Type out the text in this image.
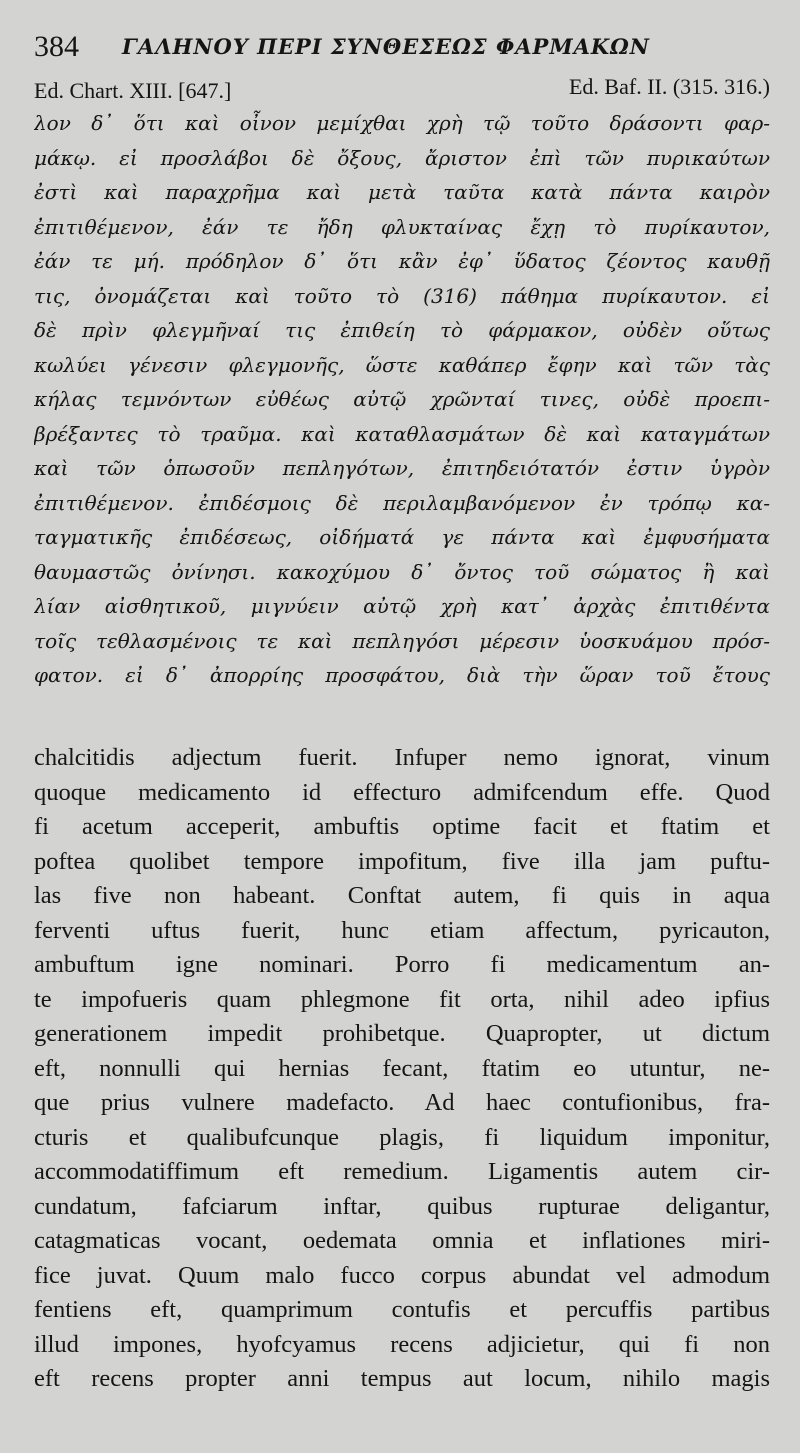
384 ΓΑΛΗΝΟΥ ΠΕΡΙ ΣΥΝΘΕΣΕΩΣ ΦΑΡΜΑΚΩΝ
Ed. Chart. XIII. [647.]	Ed. Baf. II. (315. 316.)
λον δ᾽ ὅτι καὶ οἶνον μεμίχθαι χρὴ τῷ τοῦτο δράσοντι φαρ-
μάκῳ. εἰ προσλάβοι δὲ ὄξους, ἄριστον ἐπὶ τῶν πυρικαύτων
ἐστὶ καὶ παραχρῆμα καὶ μετὰ ταῦτα κατὰ πάντα καιρὸν
ἐπιτιθέμενον, ἐάν τε ἤδη φλυκταίνας ἔχῃ τὸ πυρίκαυτον,
ἐάν τε μή. πρόδηλον δ᾽ ὅτι κἂν ἐφ᾽ ὕδατος ζέοντος καυθῇ
τις, ὀνομάζεται καὶ τοῦτο τὸ (316) πάθημα πυρίκαυτον. εἰ
δὲ πρὶν φλεγμῆναί τις ἐπιθείη τὸ φάρμακον, οὐδὲν οὕτως
κωλύει γένεσιν φλεγμονῆς, ὥστε καθάπερ ἔφην καὶ τῶν τὰς
κήλας τεμνόντων εὐθέως αὐτῷ χρῶνταί τινες, οὐδὲ προεπι-
βρέξαντες τὸ τραῦμα. καὶ καταθλασμάτων δὲ καὶ καταγμάτων
καὶ τῶν ὁπωσοῦν πεπληγότων, ἐπιτηδειότατόν ἐστιν ὑγρὸν
ἐπιτιθέμενον. ἐπιδέσμοις δὲ περιλαμβανόμενον ἐν τρόπῳ κα-
ταγματικῆς ἐπιδέσεως, οἰδήματά γε πάντα καὶ ἐμφυσήματα
θαυμαστῶς ὀνίνησι. κακοχύμου δ᾽ ὄντος τοῦ σώματος ἢ καὶ
λίαν αἰσθητικοῦ, μιγνύειν αὐτῷ χρὴ κατ᾽ ἀρχὰς ἐπιτιθέντα
τοῖς τεθλασμένοις τε καὶ πεπληγόσι μέρεσιν ὑοσκυάμου πρόσ-
φατον. εἰ δ᾽ ἀπορρίης προσφάτου, διὰ τὴν ὥραν τοῦ ἔτους
chalcitidis adjectum fuerit. Infuper nemo ignorat, vinum
quoque medicamento id effecturo admifcendum effe. Quod
fi acetum acceperit, ambuftis optime facit et ftatim et
poftea quolibet tempore impofitum, five illa jam puftu-
las five non habeant. Conftat autem, fi quis in aqua
ferventi uftus fuerit, hunc etiam affectum, pyricauton,
ambuftum igne nominari. Porro fi medicamentum an-
te impofueris quam phlegmone fit orta, nihil adeo ipfius
generationem impedit prohibetque. Quapropter, ut dictum
eft, nonnulli qui hernias fecant, ftatim eo utuntur, ne-
que prius vulnere madefacto. Ad haec contufionibus, fra-
cturis et qualibufcunque plagis, fi liquidum imponitur,
accommodatiffimum eft remedium. Ligamentis autem cir-
cundatum, fafciarum inftar, quibus rupturae deligantur,
catagmaticas vocant, oedemata omnia et inflationes miri-
fice juvat. Quum malo fucco corpus abundat vel admodum
fentiens eft, quamprimum contufis et percuffis partibus
illud impones, hyofcyamus recens adjicietur, qui fi non
eft recens propter anni tempus aut locum, nihilo magis
